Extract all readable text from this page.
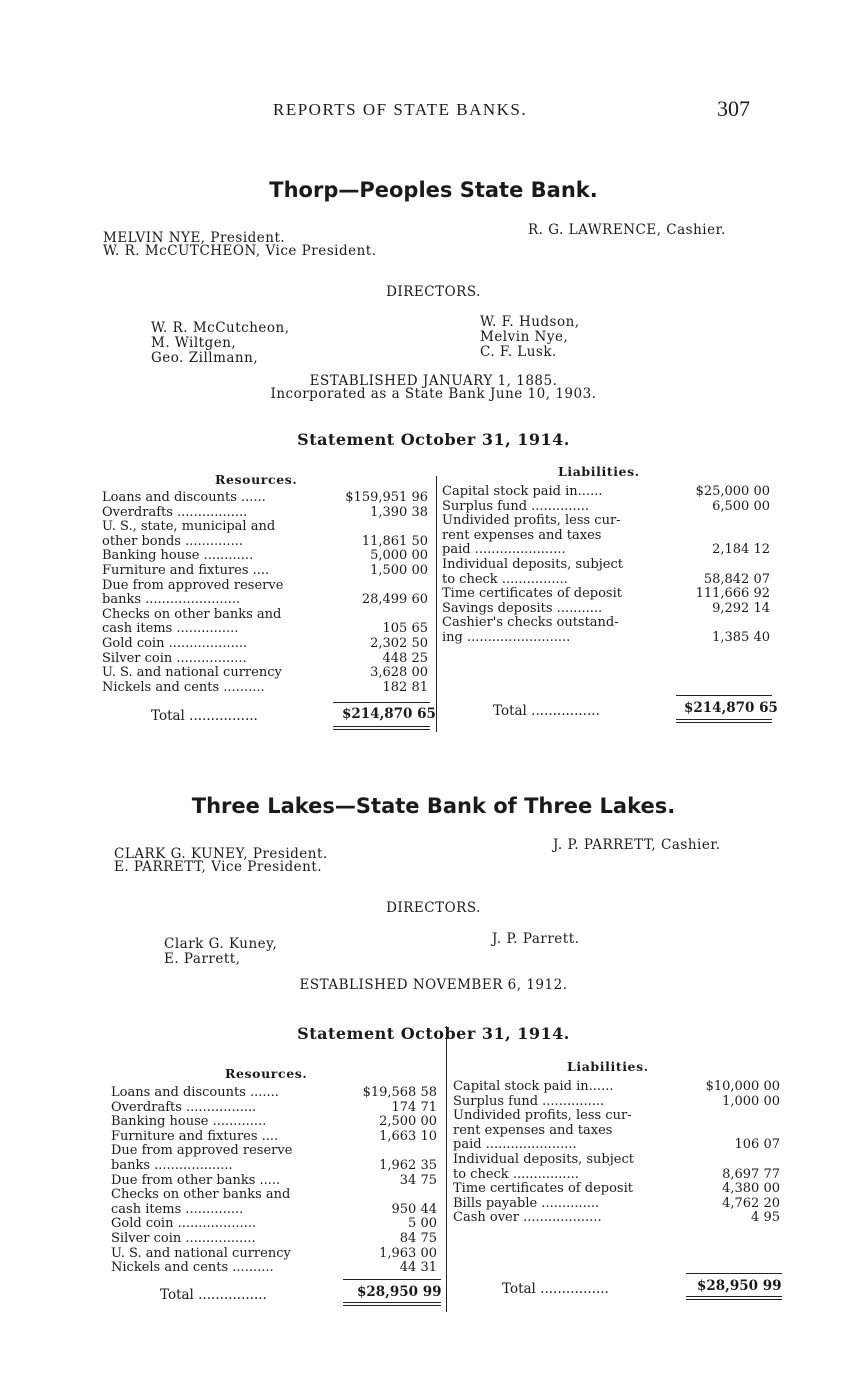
REPORTS OF STATE BANKS.	307
Thorp—Peoples State Bank.
MELVIN NYE, President.
W. R. McCUTCHEON, Vice President.
R. G. LAWRENCE, Cashier.
DIRECTORS.
W. R. McCutcheon,
M. Wiltgen,
Geo. Zillmann,
W. F. Hudson,
Melvin Nye,
C. F. Lusk.
ESTABLISHED JANUARY 1, 1885.
Incorporated as a State Bank June 10, 1903.
Statement October 31, 1914.
Resources.
Liabilities.
Loans and discounts ......	$159,951 96
Overdrafts .................	1,390 38
U. S., state, municipal and
other bonds ..............	11,861 50
Banking house ............	5,000 00
Furniture and fixtures ....	1,500 00
Due from approved reserve
banks .......................	28,499 60
Checks on other banks and
cash items ...............	105 65
Gold coin ...................	2,302 50
Silver coin .................	448 25
U. S. and national currency	3,628 00
Nickels and cents ..........	182 81
Capital stock paid in......	$25,000 00
Surplus fund ..............	6,500 00
Undivided profits, less cur-
rent expenses and taxes
paid ......................	2,184 12
Individual deposits, subject
to check ................	58,842 07
Time certificates of deposit	111,666 92
Savings deposits ...........	9,292 14
Cashier's checks outstand-
ing .........................	1,385 40
Total ................	$214,870 65	Total ................	$214,870 65
Three Lakes—State Bank of Three Lakes.
CLARK G. KUNEY, President.
E. PARRETT, Vice President.
J. P. PARRETT, Cashier.
DIRECTORS.
Clark G. Kuney,
E. Parrett,
J. P. Parrett.
ESTABLISHED NOVEMBER 6, 1912.
Statement October 31, 1914.
Resources.	Liabilities.
Loans and discounts .......	$19,568 58
Overdrafts .................	174 71
Banking house .............	2,500 00
Furniture and fixtures ....	1,663 10
Due from approved reserve
banks ...................	1,962 35
Due from other banks .....	34 75
Checks on other banks and
cash items ..............	950 44
Gold coin ...................	5 00
Silver coin .................	84 75
U. S. and national currency	1,963 00
Nickels and cents ..........	44 31
Capital stock paid in......	$10,000 00
Surplus fund ...............	1,000 00
Undivided profits, less cur-
rent expenses and taxes
paid ......................	106 07
Individual deposits, subject
to check ................	8,697 77
Time certificates of deposit	4,380 00
Bills payable ..............	4,762 20
Cash over ...................	4 95
Total ................	$28,950 99	Total ................	$28,950 99
